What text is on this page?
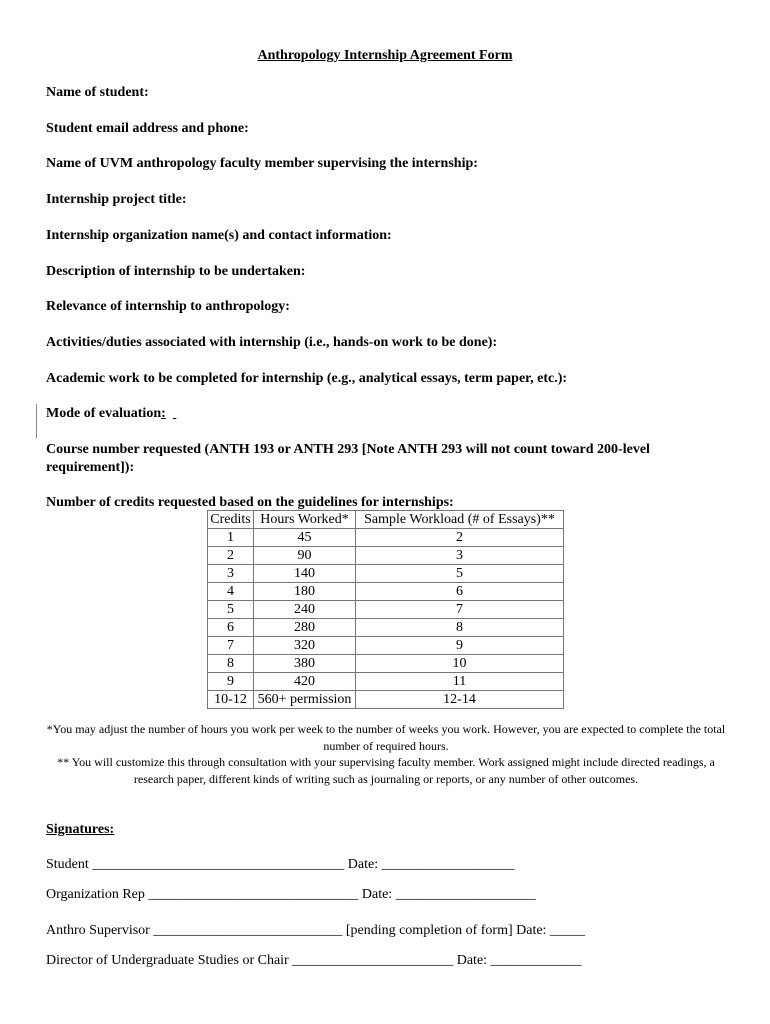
Anthropology Internship Agreement Form
Name of student:
Student email address and phone:
Name of UVM anthropology faculty member supervising the internship:
Internship project title:
Internship organization name(s) and contact information:
Description of internship to be undertaken:
Relevance of internship to anthropology:
Activities/duties associated with internship (i.e., hands-on work to be done):
Academic work to be completed for internship (e.g., analytical essays, term paper, etc.):
Mode of evaluation:
Course number requested (ANTH 193 or ANTH 293 [Note ANTH 293 will not count toward 200-level
requirement]):
Number of credits requested based on the guidelines for internships:
Credits	Hours Worked*	Sample Workload (# of Essays)**
1	45	2
2	90	3
3	140	5
4	180	6
5	240	7
6	280	8
7	320	9
8	380	10
9	420	11
10-12	560+ permission	12-14
*You may adjust the number of hours you work per week to the number of weeks you work. However, you are expected to complete the total number of required hours.
** You will customize this through consultation with your supervising faculty member. Work assigned might include directed readings, a research paper, different kinds of writing such as journaling or reports, or any number of other outcomes.
Signatures:
Student ____________________________________ Date: ___________________
Organization Rep ______________________________ Date: ____________________
Anthro Supervisor ___________________________ [pending completion of form] Date: _____
Director of Undergraduate Studies or Chair _______________________ Date: _____________
